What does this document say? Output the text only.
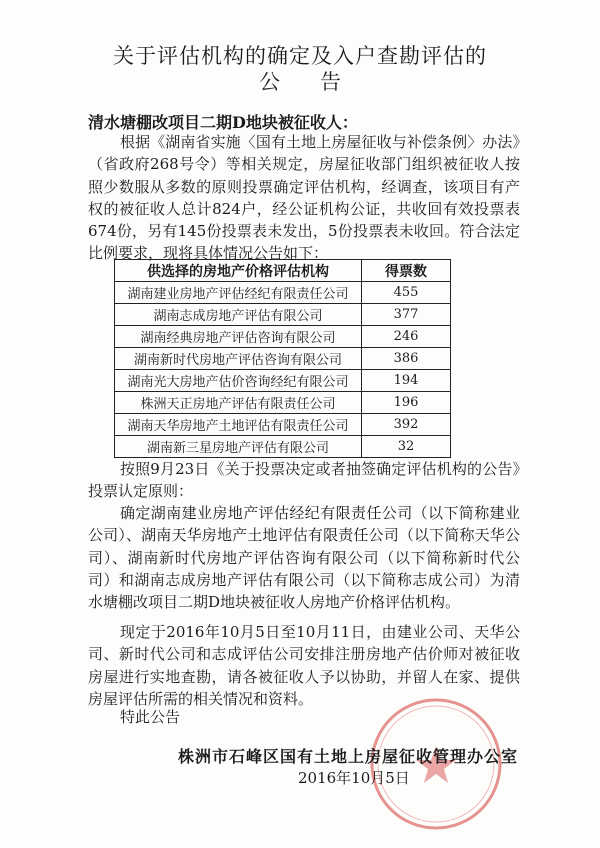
关于评估机构的确定及入户查勘评估的
公告
清水塘棚改项目二期D地块被征收人：
根据《湖南省实施〈国有土地上房屋征收与补偿条例〉办法》（省政府268号令）等相关规定，房屋征收部门组织被征收人按照少数服从多数的原则投票确定评估机构，经调查，该项目有产权的被征收人总计824户，经公证机构公证，共收回有效投票表674份，另有145份投票表未发出，5份投票表未收回。符合法定比例要求，现将具体情况公告如下：
供选择的房地产价格评估机构	得票数
湖南建业房地产评估经纪有限责任公司	455
湖南志成房地产评估有限公司	377
湖南经典房地产评估咨询有限公司	246
湖南新时代房地产评估咨询有限公司	386
湖南光大房地产估价咨询经纪有限公司	194
株洲天正房地产评估有限责任公司	196
湖南天华房地产土地评估有限责任公司	392
湖南新三星房地产评估有限公司	32
按照9月23日《关于投票决定或者抽签确定评估机构的公告》投票认定原则：
确定湖南建业房地产评估经纪有限责任公司（以下简称建业公司）、湖南天华房地产土地评估有限责任公司（以下简称天华公司）、湖南新时代房地产评估咨询有限公司（以下简称新时代公司）和湖南志成房地产评估有限公司（以下简称志成公司）为清水塘棚改项目二期D地块被征收人房地产价格评估机构。
现定于2016年10月5日至10月11日，由建业公司、天华公司、新时代公司和志成评估公司安排注册房地产估价师对被征收房屋进行实地查勘，请各被征收人予以协助，并留人在家、提供房屋评估所需的相关情况和资料。
特此公告
株洲市石峰区国有土地上房屋征收管理办公室
2016年10月5日
